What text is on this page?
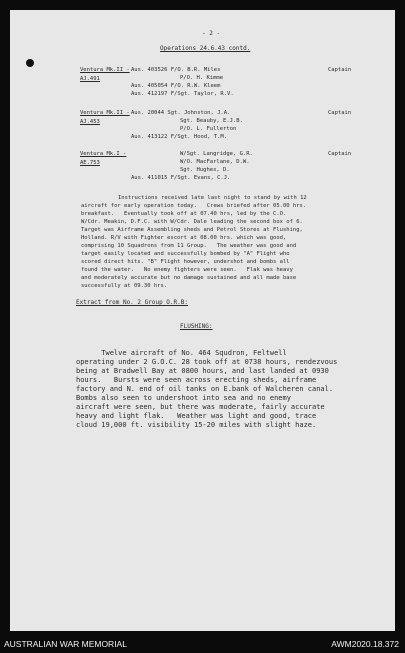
- 2 -
Operations 24.6.43 contd.
Ventura Mk.II -
AJ.491
Aus. 403526 F/O. B.R. Miles
P/O. H. Kimme
Aus. 405054 F/O. R.W. Kleem
Aus. 412197 F/Sgt. Taylor, R.V.
Captain
Ventura Mk.II -
AJ.453
Aus. 20044 Sgt. Johnston, J.A.
Sgt. Beauby, E.J.B.
P/O. L. Fullerton
Aus. 413122 F/Sgt. Hood, T.M.
Captain
Ventura Mk.I -
AE.753
W/Sgt. Langridge, G.R.
W/O. MacFarlane, D.W.
Sgt. Hughes, D.
Aus. 411015 F/Sgt. Evans, C.J.
Captain
Instructions received late last night to stand by with 12
aircraft for early operation today.   Crews briefed after 05.00 hrs.
breakfast.   Eventually took off at 07.40 hrs, led by the C.O.
W/Cdr. Meakin, D.F.C. with W/Cdr. Dale leading the second box of 6.
Target was Airframe Assembling sheds and Petrol Stores at Flushing,
Holland. R/V with Fighter escort at 08.00 hrs. which was good,
comprising 10 Squadrons from 11 Group.   The weather was good and
target easily located and successfully bombed by "A" Flight who
scored direct hits. "B" Flight however, undershot and bombs all
found the water.   No enemy fighters were seen.   Flak was heavy
and moderately accurate but no damage sustained and all made base
successfully at 09.30 hrs.
Extract from No. 2 Group O.R.B:
FLUSHING:
Twelve aircraft of No. 464 Squdron, Feltwell
operating under 2 G.O.C. 28 took off at 0738 hours, rendezvous
being at Bradwell Bay at 0800 hours, and last landed at 0930
hours.   Bursts were seen across erecting sheds, airframe
factory and N. end of oil tanks on E.bank of Walcheren canal.
Bombs also seen to undershoot into sea and no enemy
aircraft were seen, but there was moderate, fairly accurate
heavy and light flak.   Weather was light and good, trace
cloud 19,000 ft. visibility 15-20 miles with slight haze.
AUSTRALIAN WAR MEMORIAL	AWM2020.18.372
